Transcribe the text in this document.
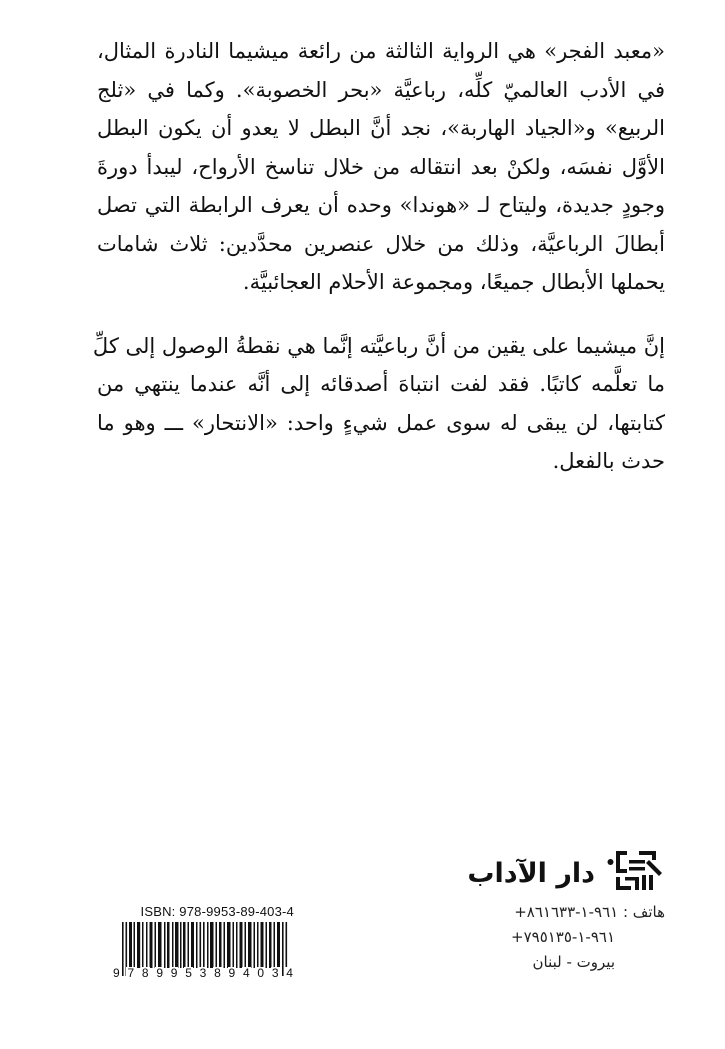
«معبد الفجر» هي الرواية الثالثة من رائعة ميشيما النادرة المثال،
في الأدب العالميّ كلِّه، رباعيَّة «بحر الخصوبة». وكما في «ثلج
الربيع» و«الجياد الهاربة»، نجد أنَّ البطل لا يعدو أن يكون البطل
الأوَّل نفسَه، ولكنْ بعد انتقاله من خلال تناسخ الأرواح، ليبدأ دورةَ
وجودٍ جديدة، وليتاح لـ «هوندا» وحده أن يعرف الرابطة التي تصل
أبطالَ الرباعيَّة، وذلك من خلال عنصرين محدَّدين: ثلاث شامات
يحملها الأبطال جميعًا، ومجموعة الأحلام العجائبيَّة.

إنَّ ميشيما على يقين من أنَّ رباعيَّته إنَّما هي نقطةُ الوصول إلى كلِّ
ما تعلَّمه كاتبًا. فقد لفت انتباهَ أصدقائه إلى أنَّه عندما ينتهي من
كتابتها، لن يبقى له سوى عمل شيءٍ واحد: «الانتحار» ـــ وهو ما
حدث بالفعل.

دار الآداب
هاتف : +٩٦١-١-٨٦١٦٣٣
+٩٦١-١-٧٩٥١٣٥
بيروت - لبنان
ISBN: 978-9953-89-403-4
9 7 8 9 9 5 3 8 9 4 0 3 4
